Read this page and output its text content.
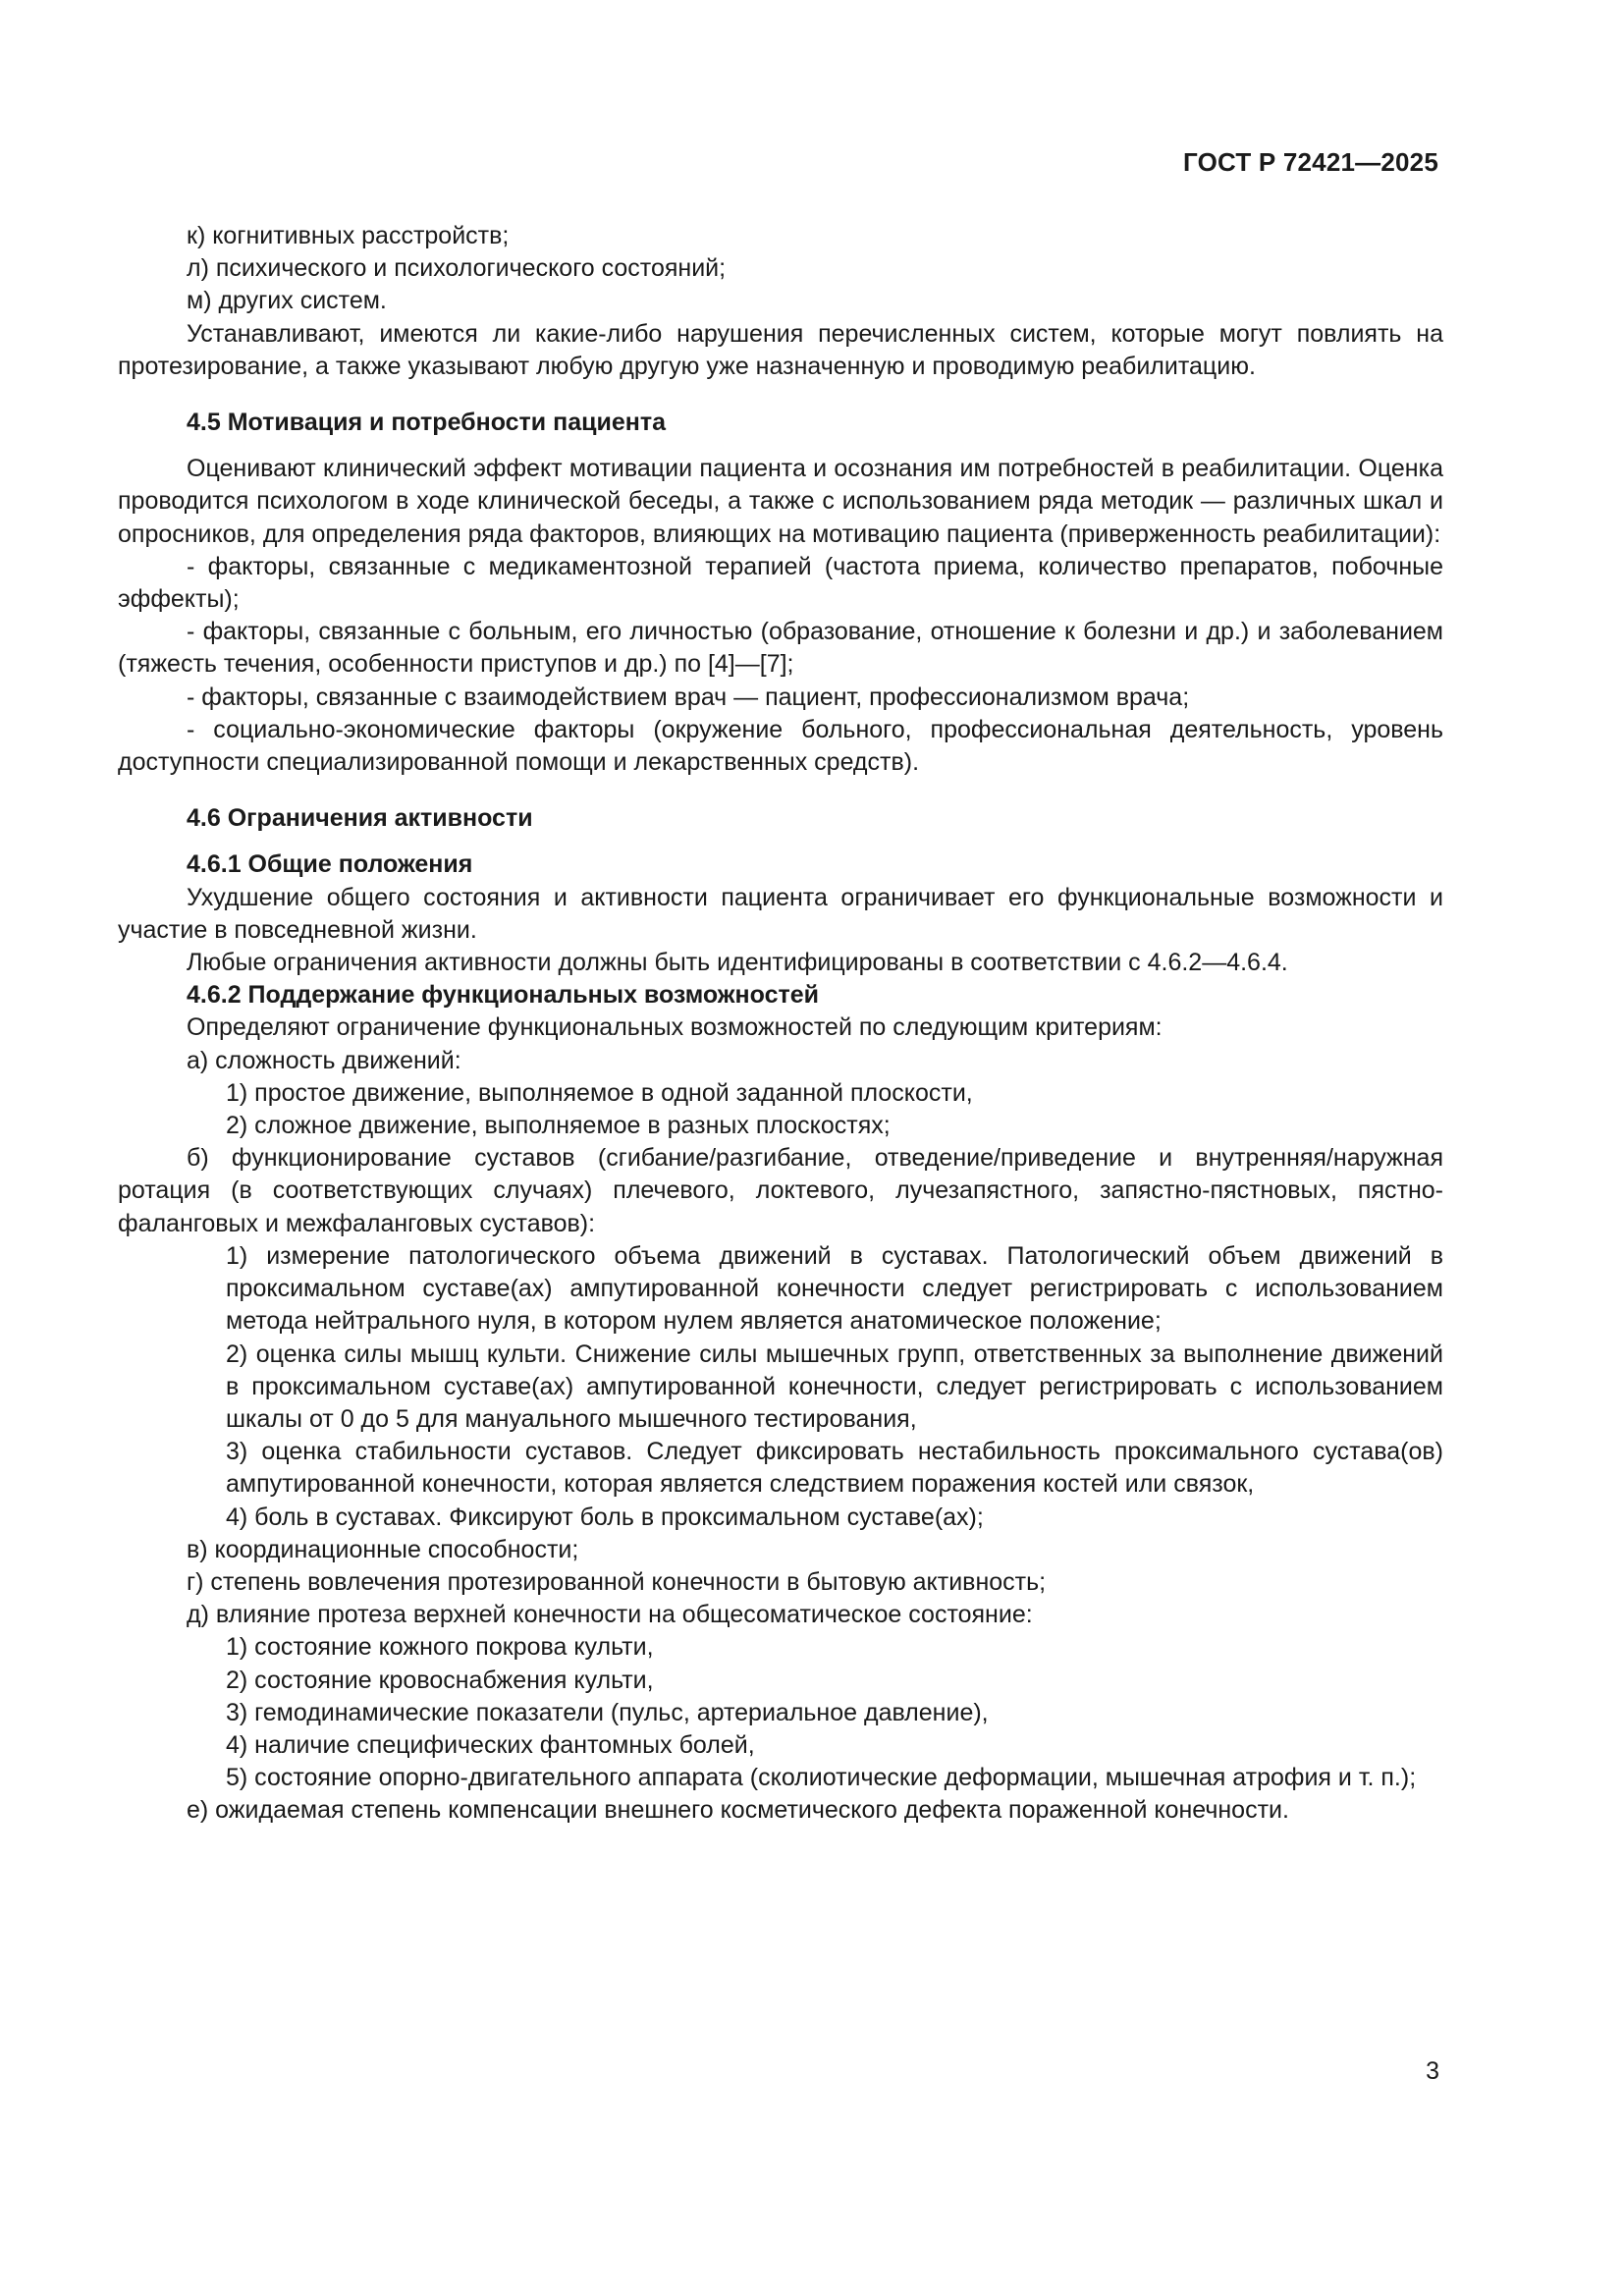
ГОСТ Р 72421—2025

к) когнитивных расстройств;

л) психического и психологического состояний;

м) других систем.

Устанавливают, имеются ли какие-либо нарушения перечисленных систем, которые могут повлиять на протезирование, а также указывают любую другую уже назначенную и проводимую реабилитацию.

4.5 Мотивация и потребности пациента

Оценивают клинический эффект мотивации пациента и осознания им потребностей в реабилитации. Оценка проводится психологом в ходе клинической беседы, а также с использованием ряда методик — различных шкал и опросников, для определения ряда факторов, влияющих на мотивацию пациента (приверженность реабилитации):

- факторы, связанные с медикаментозной терапией (частота приема, количество препаратов, побочные эффекты);

- факторы, связанные с больным, его личностью (образование, отношение к болезни и др.) и заболеванием (тяжесть течения, особенности приступов и др.) по [4]—[7];

- факторы, связанные с взаимодействием врач — пациент, профессионализмом врача;

- социально-экономические факторы (окружение больного, профессиональная деятельность, уровень доступности специализированной помощи и лекарственных средств).

4.6 Ограничения активности

4.6.1 Общие положения

Ухудшение общего состояния и активности пациента ограничивает его функциональные возможности и участие в повседневной жизни.

Любые ограничения активности должны быть идентифицированы в соответствии с 4.6.2—4.6.4.

4.6.2 Поддержание функциональных возможностей

Определяют ограничение функциональных возможностей по следующим критериям:

а) сложность движений:

1) простое движение, выполняемое в одной заданной плоскости,

2) сложное движение, выполняемое в разных плоскостях;

б) функционирование суставов (сгибание/разгибание, отведение/приведение и внутренняя/наружная ротация (в соответствующих случаях) плечевого, локтевого, лучезапястного, запястно-пястновых, пястно-фаланговых и межфаланговых суставов):

1) измерение патологического объема движений в суставах. Патологический объем движений в проксимальном суставе(ах) ампутированной конечности следует регистрировать с использованием метода нейтрального нуля, в котором нулем является анатомическое положение;

2) оценка силы мышц культи. Снижение силы мышечных групп, ответственных за выполнение движений в проксимальном суставе(ах) ампутированной конечности, следует регистрировать с использованием шкалы от 0 до 5 для мануального мышечного тестирования,

3) оценка стабильности суставов. Следует фиксировать нестабильность проксимального сустава(ов) ампутированной конечности, которая является следствием поражения костей или связок,

4) боль в суставах. Фиксируют боль в проксимальном суставе(ах);

в) координационные способности;

г) степень вовлечения протезированной конечности в бытовую активность;

д) влияние протеза верхней конечности на общесоматическое состояние:

1) состояние кожного покрова культи,

2) состояние кровоснабжения культи,

3) гемодинамические показатели (пульс, артериальное давление),

4) наличие специфических фантомных болей,

5) состояние опорно-двигательного аппарата (сколиотические деформации, мышечная атрофия и т. п.);

е) ожидаемая степень компенсации внешнего косметического дефекта пораженной конечности.

3
